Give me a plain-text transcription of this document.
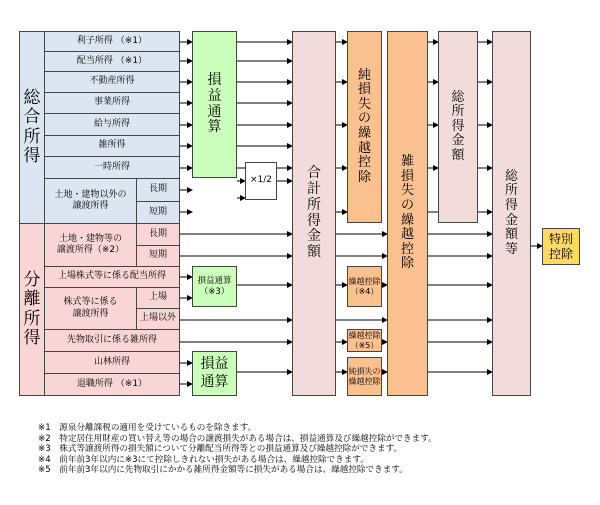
総
合
所
得
分
離
所
得
利子所得 （※1）
配当所得 （※1）
不動産所得
事業所得
給与所得
雑所得
一時所得
土地・建物以外の
譲渡所得
長期
短期
土地・建物等の
譲渡所得（※2）
長期
短期
上場株式等に係る配当所得
株式等に係る
譲渡所得
上場
上場以外
先物取引に係る雑所得
山林所得
退職所得 （※1）
損
益
通
算
×1/2
損益通算
（※3）
損益
通算
合
計
所
得
金
額
純
損
失
の
繰
越
控
除
繰越控除
（※4）
繰越控除
（※5）
純損失の
繰越控除
雑
損
失
の
繰
越
控
除
総
所
得
金
額
総
所
得
金
額
等
特別
控除
※1　源泉分離課税の適用を受けているものを除きます。
※2　特定居住用財産の買い替え等の場合の譲渡損失がある場合は、損益通算及び繰越控除ができます。
※3　株式等譲渡所得の損失額について分離配当所得等との損益通算及び繰越控除ができます。
※4　前年前3年以内に※3にて控除しきれない損失がある場合は、繰越控除できます。
※5　前年前3年以内に先物取引にかかる雑所得金額等に損失がある場合は、繰越控除できます。
